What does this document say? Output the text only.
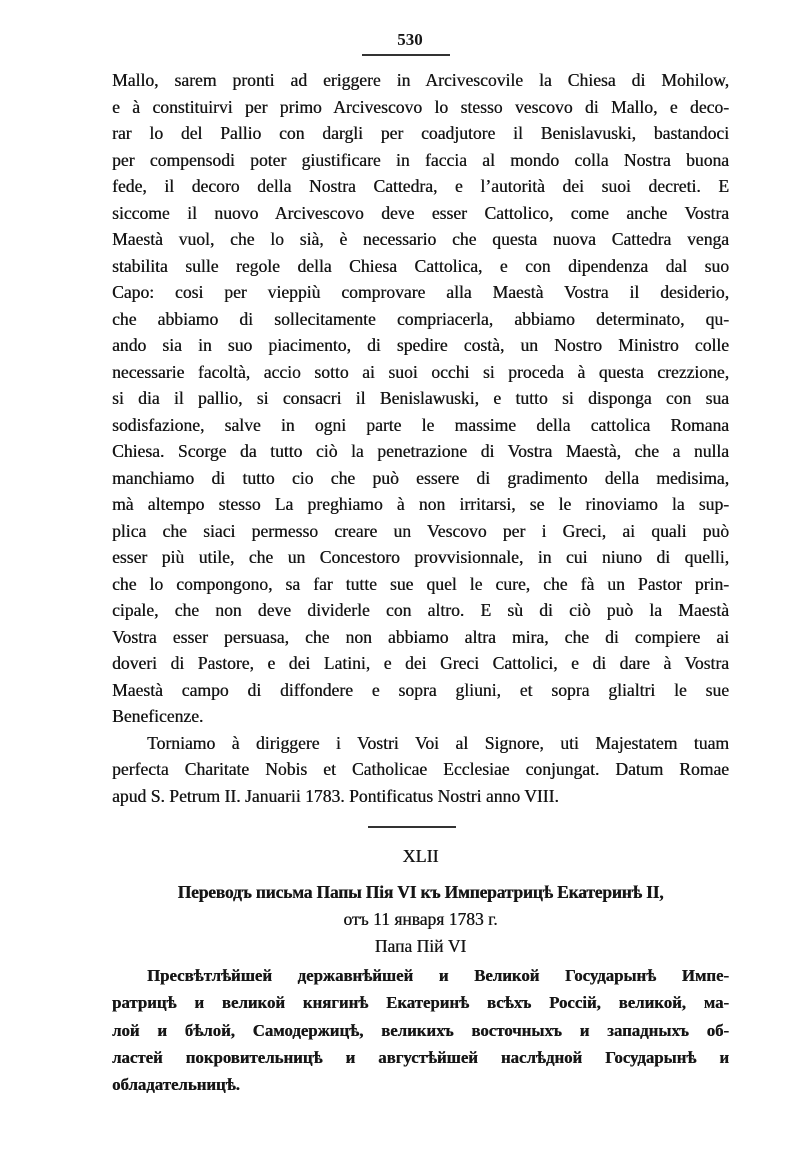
530
Mallo, sarem pronti ad eriggere in Arcivescovile la Chiesa di Mohilow,
e à constituirvi per primo Arcivescovo lo stesso vescovo di Mallo, e deco-
rar lo del Pallio con dargli per coadjutore il Benislavuski, bastandoci
per compensodi poter giustificare in faccia al mondo colla Nostra buona
fede, il decoro della Nostra Cattedra, e l’autorità dei suoi decreti. E
siccome il nuovo Arcivescovo deve esser Cattolico, come anche Vostra
Maestà vuol, che lo sià, è necessario che questa nuova Cattedra venga
stabilita sulle regole della Chiesa Cattolica, e con dipendenza dal suo
Capo: cosi per vieppiù comprovare alla Maestà Vostra il desiderio,
che abbiamo di sollecitamente compriacerla, abbiamo determinato, qu-
ando sia in suo piacimento, di spedire costà, un Nostro Ministro colle
necessarie facoltà, accio sotto ai suoi occhi si proceda à questa crezzione,
si dia il pallio, si consacri il Benislawuski, e tutto si disponga con sua
sodisfazione, salve in ogni parte le massime della cattolica Romana
Chiesa. Scorge da tutto ciò la penetrazione di Vostra Maestà, che a nulla
manchiamo di tutto cio che può essere di gradimento della medisima,
mà altempo stesso La preghiamo à non irritarsi, se le rinoviamo la sup-
plica che siaci permesso creare un Vescovo per i Greci, ai quali può
esser più utile, che un Concestoro provvisionnale, in cui niuno di quelli,
che lo compongono, sa far tutte sue quel le cure, che fà un Pastor prin-
cipale, che non deve dividerle con altro. E sù di ciò può la Maestà
Vostra esser persuasa, che non abbiamo altra mira, che di compiere ai
doveri di Pastore, e dei Latini, e dei Greci Cattolici, e di dare à Vostra
Maestà campo di diffondere e sopra gliuni, et sopra glialtri le sue
Beneficenze.
Torniamo à diriggere i Vostri Voi al Signore, uti Majestatem tuam
perfecta Charitate Nobis et Catholicae Ecclesiae conjungat. Datum Romae
apud S. Petrum II. Januarii 1783. Pontificatus Nostri anno VIII.
XLII
Переводъ письма Папы Пія VI къ Императрицѣ Екатеринѣ II,
отъ 11 января 1783 г.
Папа Пій VI
Пресвѣтлѣйшей державнѣйшей и Великой Государынѣ Импе-
ратрицѣ и великой княгинѣ Екатеринѣ всѣхъ Россій, великой, ма-
лой и бѣлой, Самодержицѣ, великихъ восточныхъ и западныхъ об-
ластей покровительницѣ и августѣйшей наслѣдной Государынѣ и
обладательницѣ.
